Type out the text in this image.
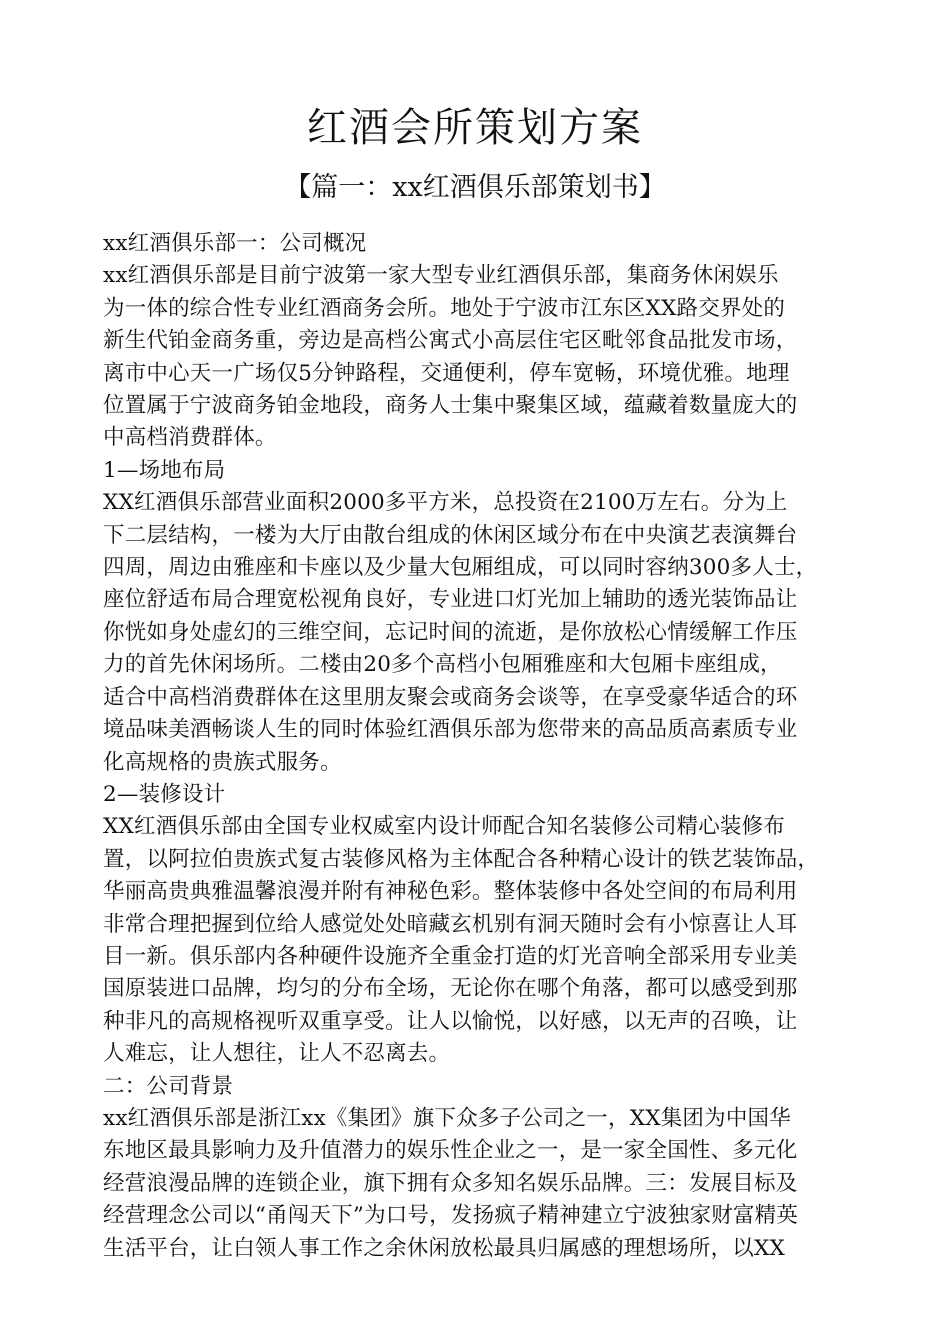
红酒会所策划方案
【篇一：xx红酒俱乐部策划书】
xx红酒俱乐部一：公司概况
xx红酒俱乐部是目前宁波第一家大型专业红酒俱乐部，集商务休闲娱乐
为一体的综合性专业红酒商务会所。地处于宁波市江东区XX路交界处的
新生代铂金商务重，旁边是高档公寓式小高层住宅区毗邻食品批发市场，
离市中心天一广场仅5分钟路程，交通便利，停车宽畅，环境优雅。地理
位置属于宁波商务铂金地段，商务人士集中聚集区域，蕴藏着数量庞大的
中高档消费群体。
1—场地布局
XX红酒俱乐部营业面积2000多平方米，总投资在2100万左右。分为上
下二层结构，一楼为大厅由散台组成的休闲区域分布在中央演艺表演舞台
四周，周边由雅座和卡座以及少量大包厢组成，可以同时容纳300多人士，
座位舒适布局合理宽松视角良好，专业进口灯光加上辅助的透光装饰品让
你恍如身处虚幻的三维空间，忘记时间的流逝，是你放松心情缓解工作压
力的首先休闲场所。二楼由20多个高档小包厢雅座和大包厢卡座组成，
适合中高档消费群体在这里朋友聚会或商务会谈等，在享受豪华适合的环
境品味美酒畅谈人生的同时体验红酒俱乐部为您带来的高品质高素质专业
化高规格的贵族式服务。
2—装修设计
XX红酒俱乐部由全国专业权威室内设计师配合知名装修公司精心装修布
置，以阿拉伯贵族式复古装修风格为主体配合各种精心设计的铁艺装饰品，
华丽高贵典雅温馨浪漫并附有神秘色彩。整体装修中各处空间的布局利用
非常合理把握到位给人感觉处处暗藏玄机别有洞天随时会有小惊喜让人耳
目一新。俱乐部内各种硬件设施齐全重金打造的灯光音响全部采用专业美
国原装进口品牌，均匀的分布全场，无论你在哪个角落，都可以感受到那
种非凡的高规格视听双重享受。让人以愉悦，以好感，以无声的召唤，让
人难忘，让人想往，让人不忍离去。
二：公司背景
xx红酒俱乐部是浙江xx《集团》旗下众多子公司之一，XX集团为中国华
东地区最具影响力及升值潜力的娱乐性企业之一，是一家全国性、多元化
经营浪漫品牌的连锁企业，旗下拥有众多知名娱乐品牌。三：发展目标及
经营理念公司以“甬闯天下”为口号，发扬疯子精神建立宁波独家财富精英
生活平台，让白领人事工作之余休闲放松最具归属感的理想场所，以XX
